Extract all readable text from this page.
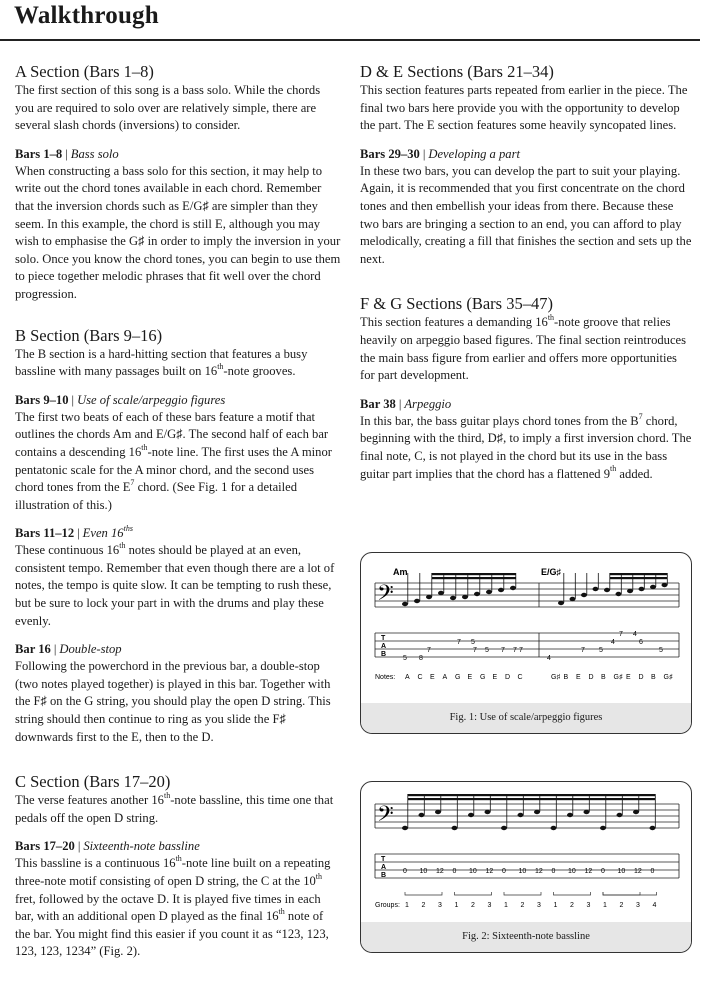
Walkthrough
A Section (Bars 1–8)

The first section of this song is a bass solo. While the chords you are required to solo over are relatively simple, there are several slash chords (inversions) to consider.

Bars 1–8 | Bass solo

When constructing a bass solo for this section, it may help to write out the chord tones available in each chord. Remember that the inversion chords such as E/G♯ are simpler than they seem. In this example, the chord is still E, although you may wish to emphasise the G♯ in order to imply the inversion in your solo. Once you know the chord tones, you can begin to use them to piece together melodic phrases that fit well over the chord progression.

B Section (Bars 9–16)

The B section is a hard-hitting section that features a busy bassline with many passages built on 16th-note grooves.

Bars 9–10 | Use of scale/arpeggio figures

The first two beats of each of these bars feature a motif that outlines the chords Am and E/G♯. The second half of each bar contains a descending 16th-note line. The first uses the A minor pentatonic scale for the A minor chord, and the second uses chord tones from the $E^7$ chord. (See Fig. 1 for a detailed illustration of this.)

Bars 11–12 | Even $16^{ths}$

These continuous 16th notes should be played at an even, consistent tempo. Remember that even though there are a lot of notes, the tempo is quite slow. It can be tempting to rush these, but be sure to lock your part in with the drums and play these evenly.

Bar 16 | Double-stop

Following the powerchord in the previous bar, a double-stop (two notes played together) is played in this bar. Together with the F♯ on the G string, you should play the open D string. This string should then continue to ring as you slide the F♯ downwards first to the E, then to the D.

C Section (Bars 17–20)

The verse features another 16th-note bassline, this time one that pedals off the open D string.

Bars 17–20 | Sixteenth-note bassline

This bassline is a continuous 16th-note line built on a repeating three-note motif consisting of open D string, the C at the 10th fret, followed by the octave D. It is played five times in each bar, with an additional open D played as the final 16th note of the bar. You might find this easier if you count it as “123, 123, 123, 123, 1234” (Fig. 2).

D & E Sections (Bars 21–34)

This section features parts repeated from earlier in the piece. The final two bars here provide you with the opportunity to develop the part. The E section features some heavily syncopated lines.

Bars 29–30 | Developing a part

In these two bars, you can develop the part to suit your playing. Again, it is recommended that you first concentrate on the chord tones and then embellish your ideas from there. Because these two bars are bringing a section to an end, you can afford to play melodically, creating a fill that finishes the section and sets up the next.

F & G Sections (Bars 35–47)

This section features a demanding 16th-note groove that relies heavily on arpeggio based figures. The final section reintroduces the main bass figure from earlier and offers more opportunities for part development.

Bar 38 | Arpeggio

In this bar, the bass guitar plays chord tones from the $B^7$ chord, beginning with the third, D♯, to imply a first inversion chord. The final note, C, is not played in the chord but its use in the bass guitar part implies that the chord has a flattened 9th added.

𝄢
Am	E/G♯
T
A
B
7 4
7 5	4	6
7 5 7 7	7 5
7	7	5
5 8	4
Notes: A C E A G E G E D C	G♯ B E D B G♯ E D B G♯
Fig. 1: Use of scale/arpeggio figures
𝄢
T
A
B
0 10 12 0 10 12 0 10 12 0 10 12 0 10 12 0
Groups: 1 2 3 1 2 3 1 2 3 1 2 3 1 2 3 4
Fig. 2: Sixteenth-note bassline
